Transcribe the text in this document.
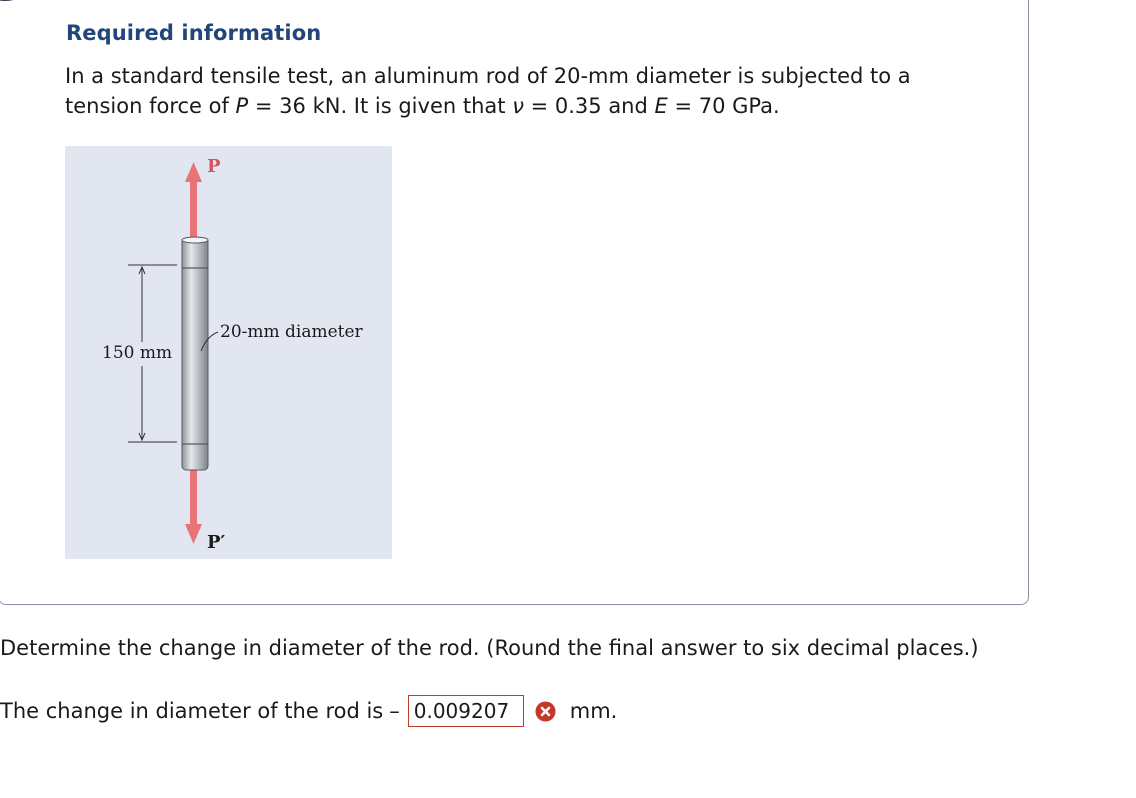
Required information
In a standard tensile test, an aluminum rod of 20-mm diameter is subjected to a
tension force of P = 36 kN. It is given that ν = 0.35 and E = 70 GPa.
150 mm
20-mm diameter
P
P′
Determine the change in diameter of the rod. (Round the final answer to six decimal places.)
The change in diameter of the rod is –
0.009207	mm.
